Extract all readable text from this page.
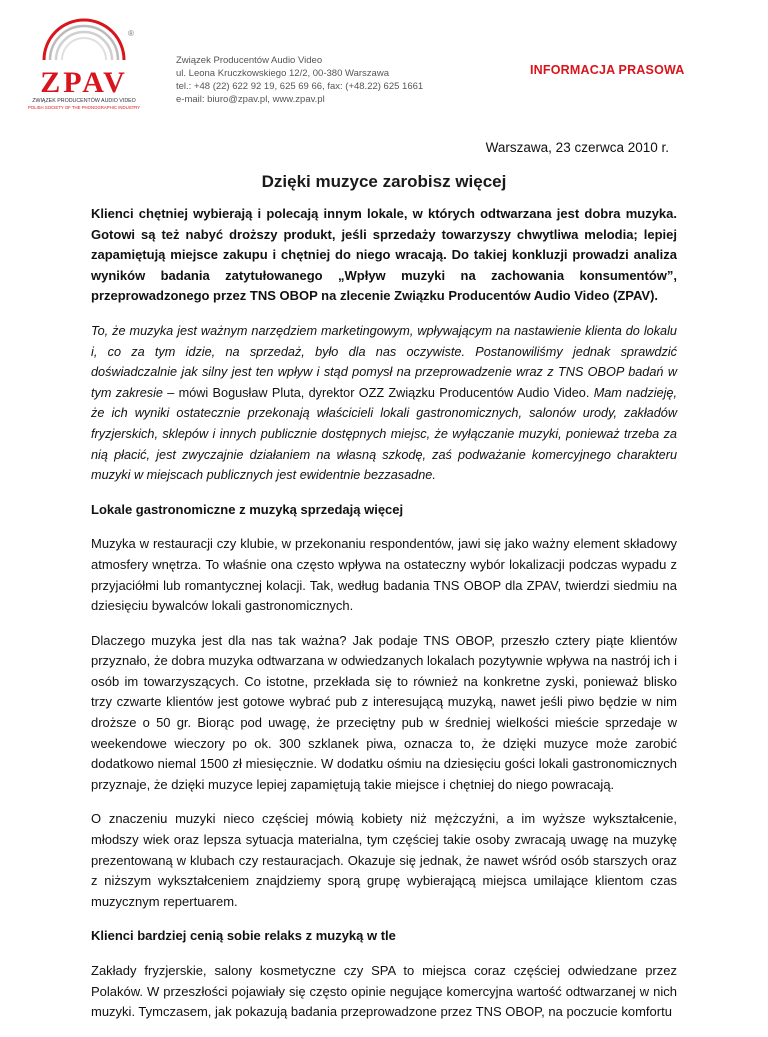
®
ZPAV
ZWIĄZEK PRODUCENTÓW AUDIO VIDEO
POLISH SOCIETY OF THE PHONOGRAPHIC INDUSTRY
Związek Producentów Audio Video
ul. Leona Kruczkowskiego 12/2, 00-380 Warszawa
tel.: +48 (22) 622 92 19, 625 69 66, fax: (+48.22) 625 1661
e-mail: biuro@zpav.pl, www.zpav.pl
INFORMACJA PRASOWA
Warszawa, 23 czerwca 2010 r.
Dzięki muzyce zarobisz więcej

Klienci chętniej wybierają i polecają innym lokale, w których odtwarzana jest dobra muzyka. Gotowi są też nabyć droższy produkt, jeśli sprzedaży towarzyszy chwytliwa melodia; lepiej zapamiętują miejsce zakupu i chętniej do niego wracają. Do takiej konkluzji prowadzi analiza wyników badania zatytułowanego „Wpływ muzyki na zachowania konsumentów”, przeprowadzonego przez TNS OBOP na zlecenie Związku Producentów Audio Video (ZPAV).

To, że muzyka jest ważnym narzędziem marketingowym, wpływającym na nastawienie klienta do lokalu i, co za tym idzie, na sprzedaż, było dla nas oczywiste. Postanowiliśmy jednak sprawdzić doświadczalnie jak silny jest ten wpływ i stąd pomysł na przeprowadzenie wraz z TNS OBOP badań w tym zakresie – mówi Bogusław Pluta, dyrektor OZZ Związku Producentów Audio Video. Mam nadzieję, że ich wyniki ostatecznie przekonają właścicieli lokali gastronomicznych, salonów urody, zakładów fryzjerskich, sklepów i innych publicznie dostępnych miejsc, że wyłączanie muzyki, ponieważ trzeba za nią płacić, jest zwyczajnie działaniem na własną szkodę, zaś podważanie komercyjnego charakteru muzyki w miejscach publicznych jest ewidentnie bezzasadne.

Lokale gastronomiczne z muzyką sprzedają więcej

Muzyka w restauracji czy klubie, w przekonaniu respondentów, jawi się jako ważny element składowy atmosfery wnętrza. To właśnie ona często wpływa na ostateczny wybór lokalizacji podczas wypadu z przyjaciółmi lub romantycznej kolacji. Tak, według badania TNS OBOP dla ZPAV, twierdzi siedmiu na dziesięciu bywalców lokali gastronomicznych.

Dlaczego muzyka jest dla nas tak ważna? Jak podaje TNS OBOP, przeszło cztery piąte klientów przyznało, że dobra muzyka odtwarzana w odwiedzanych lokalach pozytywnie wpływa na nastrój ich i osób im towarzyszących. Co istotne, przekłada się to również na konkretne zyski, ponieważ blisko trzy czwarte klientów jest gotowe wybrać pub z interesującą muzyką, nawet jeśli piwo będzie w nim droższe o 50 gr. Biorąc pod uwagę, że przeciętny pub w średniej wielkości mieście sprzedaje w weekendowe wieczory po ok. 300 szklanek piwa, oznacza to, że dzięki muzyce może zarobić dodatkowo niemal 1500 zł miesięcznie. W dodatku ośmiu na dziesięciu gości lokali gastronomicznych przyznaje, że dzięki muzyce lepiej zapamiętują takie miejsce i chętniej do niego powracają.

O znaczeniu muzyki nieco częściej mówią kobiety niż mężczyźni, a im wyższe wykształcenie, młodszy wiek oraz lepsza sytuacja materialna, tym częściej takie osoby zwracają uwagę na muzykę prezentowaną w klubach czy restauracjach. Okazuje się jednak, że nawet wśród osób starszych oraz z niższym wykształceniem znajdziemy sporą grupę wybierającą miejsca umilające klientom czas muzycznym repertuarem.

Klienci bardziej cenią sobie relaks z muzyką w tle

Zakłady fryzjerskie, salony kosmetyczne czy SPA to miejsca coraz częściej odwiedzane przez Polaków. W przeszłości pojawiały się często opinie negujące komercyjna wartość odtwarzanej w nich muzyki. Tymczasem, jak pokazują badania przeprowadzone przez TNS OBOP, na poczucie komfortu
